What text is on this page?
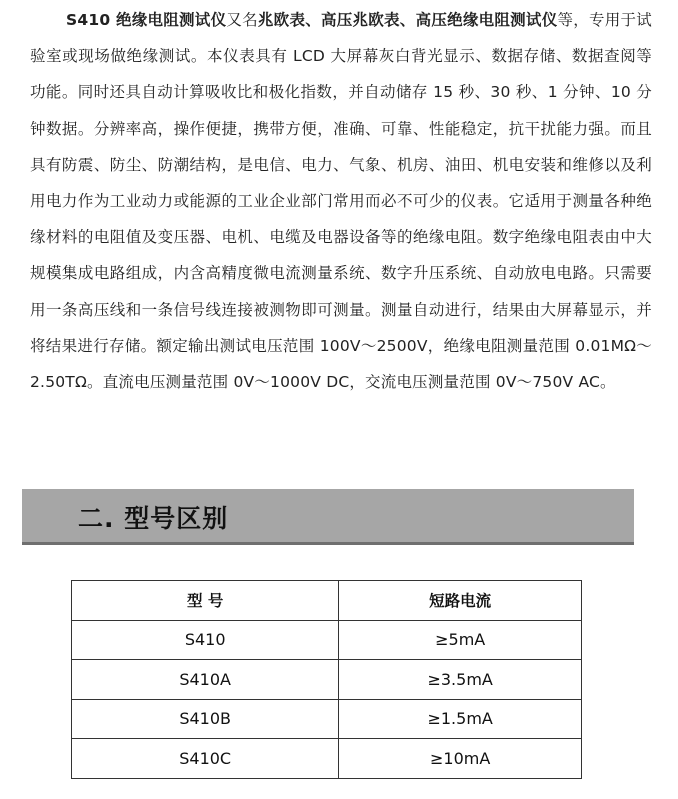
S410 绝缘电阻测试仪又名兆欧表、高压兆欧表、高压绝缘电阻测试仪等，专用于试验室或现场做绝缘测试。本仪表具有 LCD 大屏幕灰白背光显示、数据存储、数据查阅等功能。同时还具自动计算吸收比和极化指数，并自动储存 15 秒、30 秒、1 分钟、10 分钟数据。分辨率高，操作便捷，携带方便，准确、可靠、性能稳定，抗干扰能力强。而且具有防震、防尘、防潮结构，是电信、电力、气象、机房、油田、机电安装和维修以及利用电力作为工业动力或能源的工业企业部门常用而必不可少的仪表。它适用于测量各种绝缘材料的电阻值及变压器、电机、电缆及电器设备等的绝缘电阻。数字绝缘电阻表由中大规模集成电路组成，内含高精度微电流测量系统、数字升压系统、自动放电电路。只需要用一条高压线和一条信号线连接被测物即可测量。测量自动进行，结果由大屏幕显示，并将结果进行存储。额定输出测试电压范围 100V～2500V，绝缘电阻测量范围 0.01MΩ～2.50TΩ。直流电压测量范围 0V～1000V DC，交流电压测量范围 0V～750V AC。
二. 型号区别
型 号	短路电流
S410	≥5mA
S410A	≥3.5mA
S410B	≥1.5mA
S410C	≥10mA
